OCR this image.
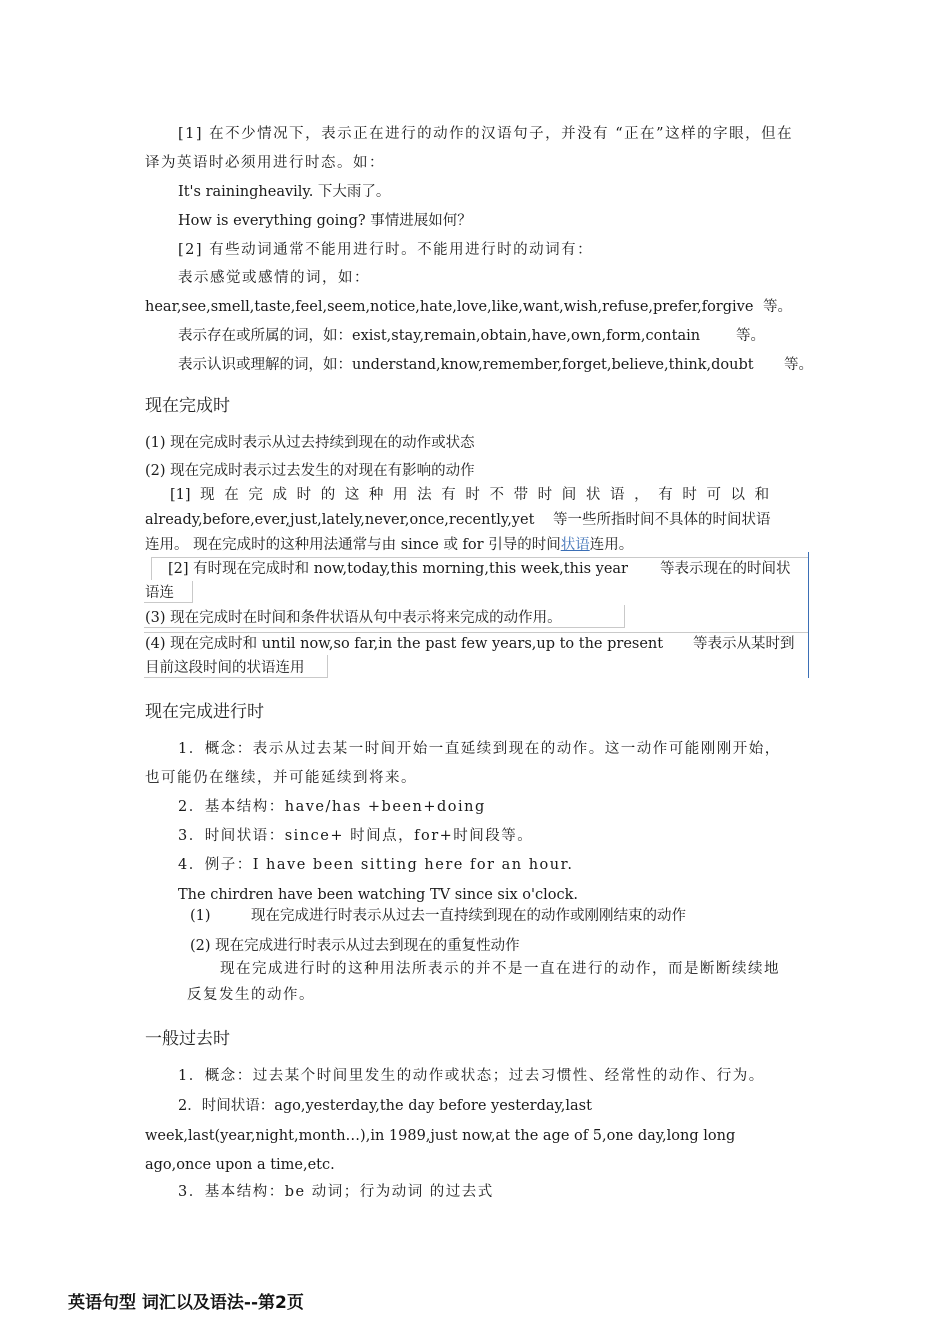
[1] 在不少情况下，表示正在进行的动作的汉语句子，并没有 “正在”这样的字眼，但在
译为英语时必须用进行时态。如：
It's rainingheavily. 下大雨了。
How is everything going? 事情进展如何？
[2] 有些动词通常不能用进行时。不能用进行时的动词有：
表示感觉或感情的词，如：
hear,see,smell,taste,feel,seem,notice,hate,love,like,want,wish,refuse,prefer,forgive 等。
表示存在或所属的词，如：exist,stay,remain,obtain,have,own,form,contain 等。
表示认识或理解的词，如：understand,know,remember,forget,believe,think,doubt 等。
现在完成时
(1) 现在完成时表示从过去持续到现在的动作或状态
(2) 现在完成时表示过去发生的对现在有影响的动作
[1] 现 在 完 成 时 的 这 种 用 法 有 时 不 带 时 间 状 语 ， 有 时 可 以 和
already,before,ever,just,lately,never,once,recently,yet 等一些所指时间不具体的时间状语
连用。 现在完成时的这种用法通常与由 since 或 for 引导的时间状语连用。
[2] 有时现在完成时和 now,today,this morning,this week,this year 等表示现在的时间状
语连
(3) 现在完成时在时间和条件状语从句中表示将来完成的动作用。
(4) 现在完成时和 until now,so far,in the past few years,up to the present 等表示从某时到
目前这段时间的状语连用
现在完成进行时
1．概念：表示从过去某一时间开始一直延续到现在的动作。这一动作可能刚刚开始，
也可能仍在继续，并可能延续到将来。
2．基本结构：have/has +been+doing
3．时间状语：since+ 时间点，for+时间段等。
4．例子：I have been sitting here for an hour.
The chirdren have been watching TV since six o'clock.
(1)	现在完成进行时表示从过去一直持续到现在的动作或刚刚结束的动作
(2) 现在完成进行时表示从过去到现在的重复性动作
现在完成进行时的这种用法所表示的并不是一直在进行的动作，而是断断续续地
反复发生的动作。
一般过去时
1．概念：过去某个时间里发生的动作或状态；过去习惯性、经常性的动作、行为。
2．时间状语：ago,yesterday,the day before yesterday,last
week,last(year,night,month…),in 1989,just now,at the age of 5,one day,long long
ago,once upon a time,etc.
3．基本结构：be 动词；行为动词 的过去式
英语句型 词汇以及语法--第2页
